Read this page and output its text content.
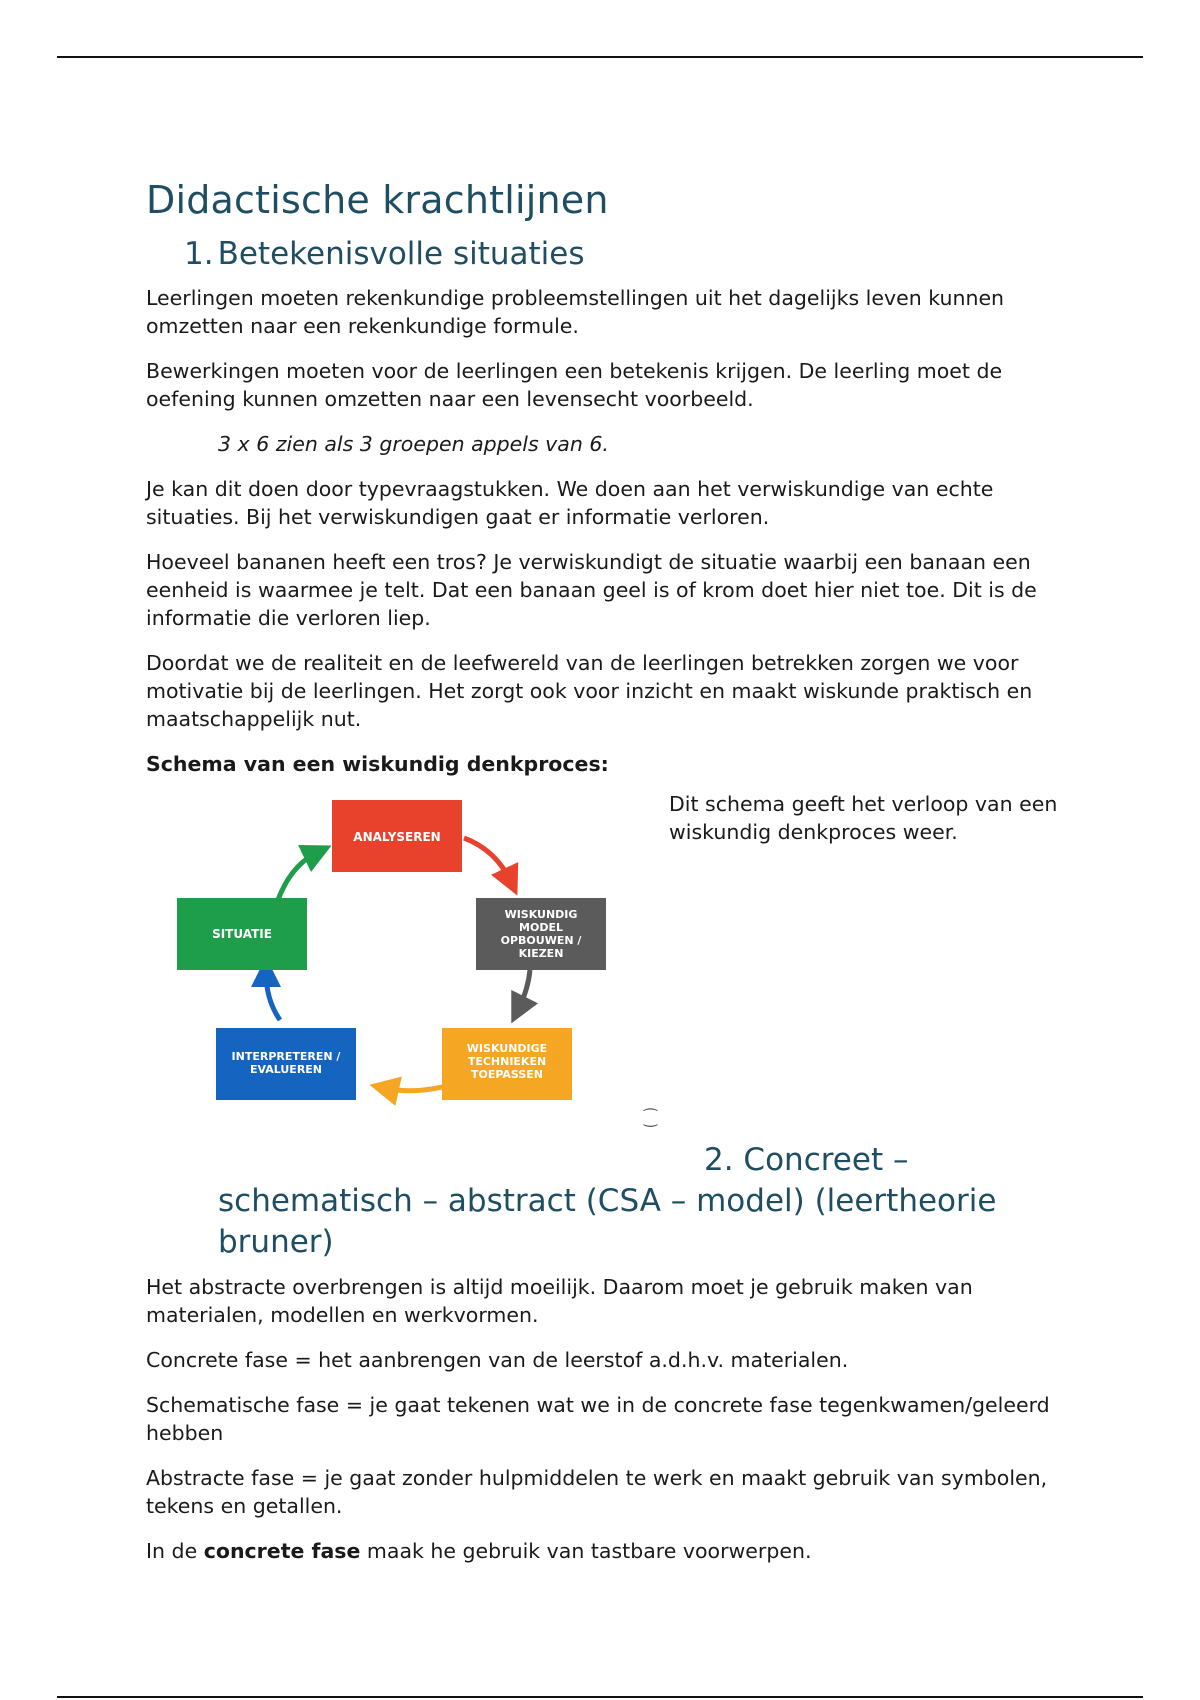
Didactische krachtlijnen
1. Betekenisvolle situaties

Leerlingen moeten rekenkundige probleemstellingen uit het dagelijks leven kunnen omzetten naar een rekenkundige formule.

Bewerkingen moeten voor de leerlingen een betekenis krijgen. De leerling moet de oefening kunnen omzetten naar een levensecht voorbeeld.

3 x 6 zien als 3 groepen appels van 6.

Je kan dit doen door typevraagstukken. We doen aan het verwiskundige van echte situaties. Bij het verwiskundigen gaat er informatie verloren.

Hoeveel bananen heeft een tros? Je verwiskundigt de situatie waarbij een banaan een eenheid is waarmee je telt. Dat een banaan geel is of krom doet hier niet toe. Dit is de informatie die verloren liep.

Doordat we de realiteit en de leefwereld van de leerlingen betrekken zorgen we voor motivatie bij de leerlingen. Het zorgt ook voor inzicht en maakt wiskunde praktisch en maatschappelijk nut.

Schema van een wiskundig denkproces:

ANALYSEREN
WISKUNDIG
MODEL
OPBOUWEN /
KIEZEN
WISKUNDIGE
TECHNIEKEN
TOEPASSEN
INTERPRETEREN /
EVALUEREN
SITUATIE

Dit schema geeft het verloop van een wiskundig denkproces weer.

⁐
2. Concreet –
schematisch – abstract (CSA – model) (leertheorie
bruner)

Het abstracte overbrengen is altijd moeilijk. Daarom moet je gebruik maken van materialen, modellen en werkvormen.

Concrete fase = het aanbrengen van de leerstof a.d.h.v. materialen.

Schematische fase = je gaat tekenen wat we in de concrete fase tegenkwamen/geleerd hebben

Abstracte fase = je gaat zonder hulpmiddelen te werk en maakt gebruik van symbolen, tekens en getallen.

In de concrete fase maak he gebruik van tastbare voorwerpen.
